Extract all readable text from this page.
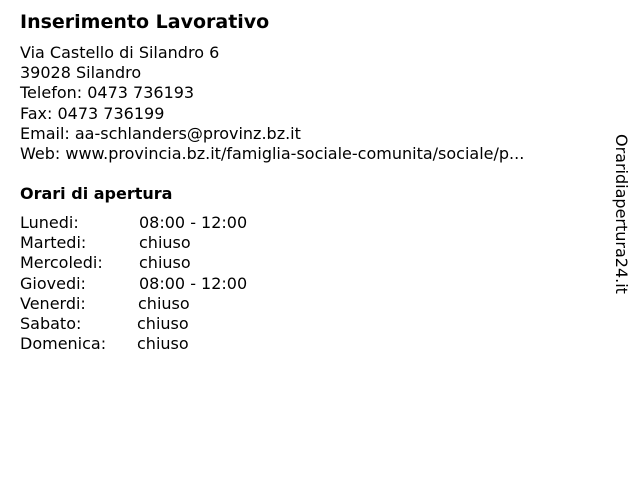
Inserimento Lavorativo
Via Castello di Silandro 6
39028 Silandro
Telefon: 0473 736193
Fax: 0473 736199
Email: aa-schlanders@provinz.bz.it
Web: www.provincia.bz.it/famiglia-sociale-comunita/sociale/p...
Orari di apertura
Lunedi:	08:00 - 12:00
Martedi:	chiuso
Mercoledi: chiuso
Giovedi:	08:00 - 12:00
Venerdi:	chiuso
Sabato:	chiuso
Domenica: chiuso
Oraridiapertura24.it
